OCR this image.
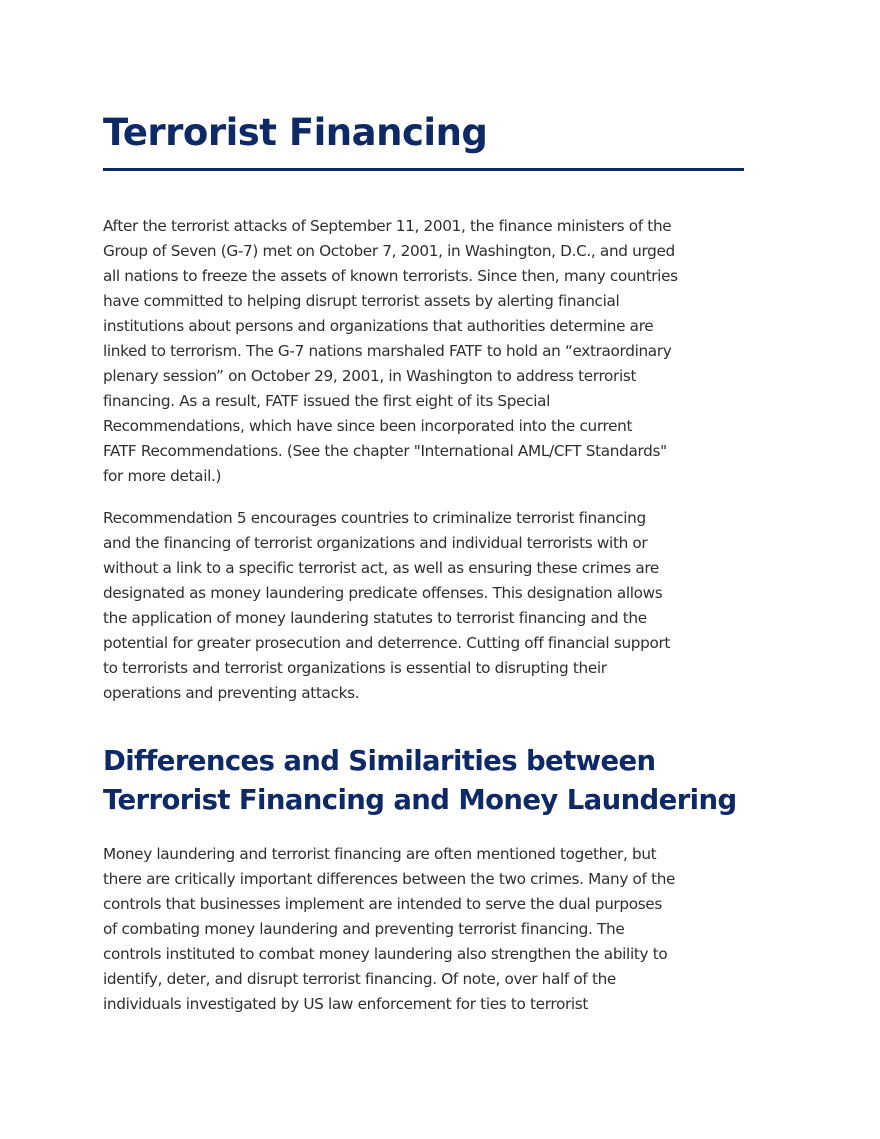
Terrorist Financing

After the terrorist attacks of September 11, 2001, the finance ministers of the
Group of Seven (G-7) met on October 7, 2001, in Washington, D.C., and urged
all nations to freeze the assets of known terrorists. Since then, many countries
have committed to helping disrupt terrorist assets by alerting financial
institutions about persons and organizations that authorities determine are
linked to terrorism. The G-7 nations marshaled FATF to hold an “extraordinary
plenary session” on October 29, 2001, in Washington to address terrorist
financing. As a result, FATF issued the first eight of its Special
Recommendations, which have since been incorporated into the current
FATF Recommendations. (See the chapter "International AML/CFT Standards"
for more detail.)

Recommendation 5 encourages countries to criminalize terrorist financing
and the financing of terrorist organizations and individual terrorists with or
without a link to a specific terrorist act, as well as ensuring these crimes are
designated as money laundering predicate offenses. This designation allows
the application of money laundering statutes to terrorist financing and the
potential for greater prosecution and deterrence. Cutting off financial support
to terrorists and terrorist organizations is essential to disrupting their
operations and preventing attacks.

Differences and Similarities between
Terrorist Financing and Money Laundering

Money laundering and terrorist financing are often mentioned together, but
there are critically important differences between the two crimes. Many of the
controls that businesses implement are intended to serve the dual purposes
of combating money laundering and preventing terrorist financing. The
controls instituted to combat money laundering also strengthen the ability to
identify, deter, and disrupt terrorist financing. Of note, over half of the
individuals investigated by US law enforcement for ties to terrorist
